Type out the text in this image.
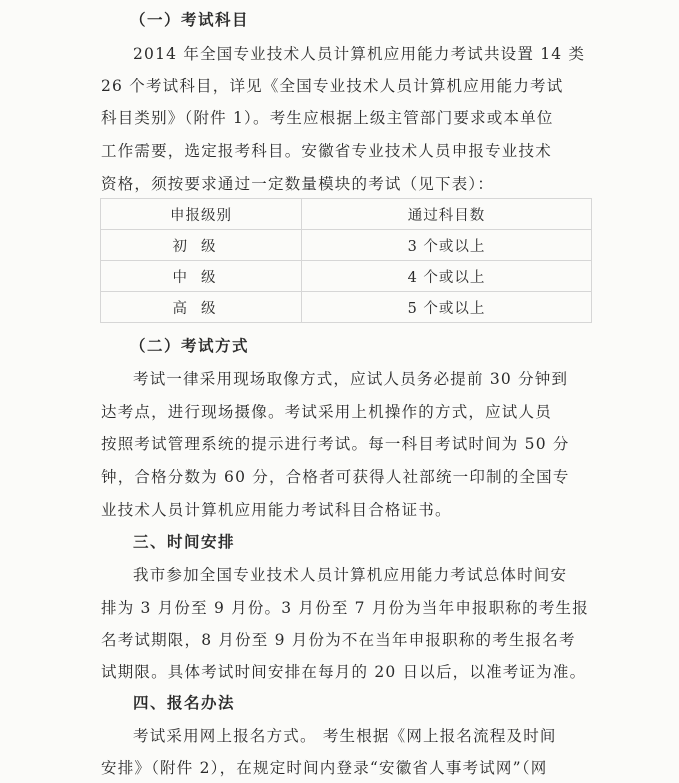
（一）考试科目
2014 年全国专业技术人员计算机应用能力考试共设置 14 类
26 个考试科目，详见《全国专业技术人员计算机应用能力考试
科目类别》（附件 1）。考生应根据上级主管部门要求或本单位
工作需要，选定报考科目。安徽省专业技术人员申报专业技术
资格，须按要求通过一定数量模块的考试（见下表）：
申报级别	通过科目数
初级	3 个或以上
中级	4 个或以上
高级	5 个或以上
（二）考试方式
考试一律采用现场取像方式，应试人员务必提前 30 分钟到
达考点，进行现场摄像。考试采用上机操作的方式，应试人员
按照考试管理系统的提示进行考试。每一科目考试时间为 50 分
钟，合格分数为 60 分，合格者可获得人社部统一印制的全国专
业技术人员计算机应用能力考试科目合格证书。
三、时间安排
我市参加全国专业技术人员计算机应用能力考试总体时间安
排为 3 月份至 9 月份。3 月份至 7 月份为当年申报职称的考生报
名考试期限，8 月份至 9 月份为不在当年申报职称的考生报名考
试期限。具体考试时间安排在每月的 20 日以后，以准考证为准。
四、报名办法
考试采用网上报名方式。 考生根据《网上报名流程及时间
安排》（附件 2），在规定时间内登录“安徽省人事考试网”（网
